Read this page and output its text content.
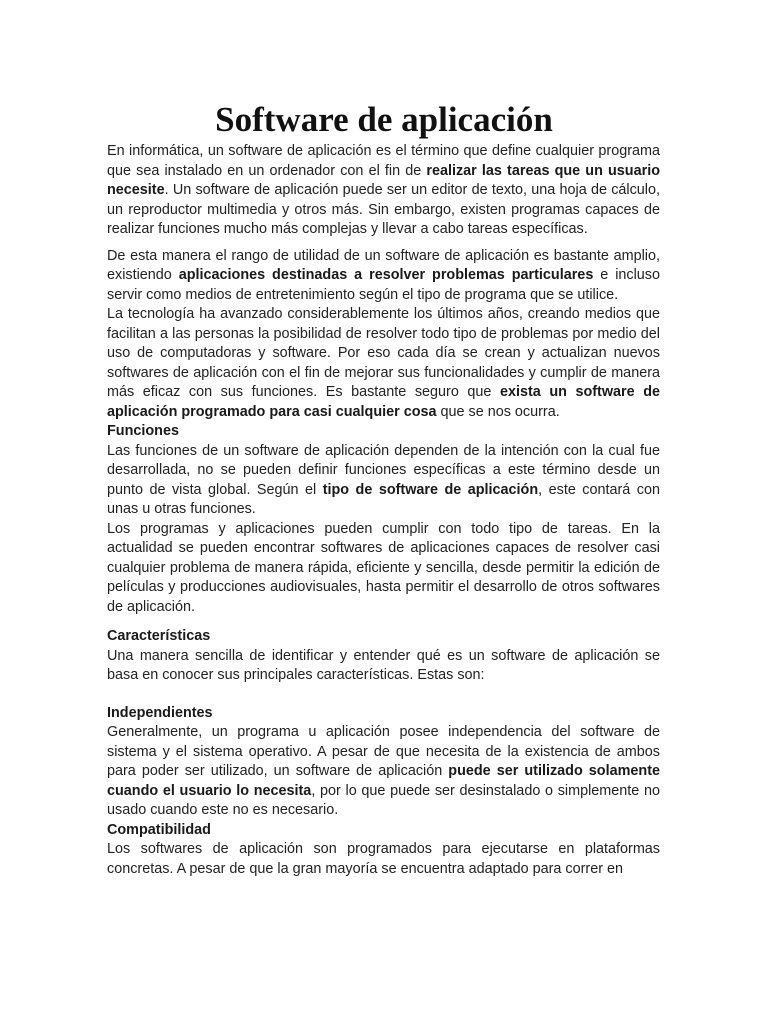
Software de aplicación

En informática, un software de aplicación es el término que define cualquier programa que sea instalado en un ordenador con el fin de realizar las tareas que un usuario necesite. Un software de aplicación puede ser un editor de texto, una hoja de cálculo, un reproductor multimedia y otros más. Sin embargo, existen programas capaces de realizar funciones mucho más complejas y llevar a cabo tareas específicas.

De esta manera el rango de utilidad de un software de aplicación es bastante amplio, existiendo aplicaciones destinadas a resolver problemas particulares e incluso servir como medios de entretenimiento según el tipo de programa que se utilice.

La tecnología ha avanzado considerablemente los últimos años, creando medios que facilitan a las personas la posibilidad de resolver todo tipo de problemas por medio del uso de computadoras y software. Por eso cada día se crean y actualizan nuevos softwares de aplicación con el fin de mejorar sus funcionalidades y cumplir de manera más eficaz con sus funciones. Es bastante seguro que exista un software de aplicación programado para casi cualquier cosa que se nos ocurra.

Funciones

Las funciones de un software de aplicación dependen de la intención con la cual fue desarrollada, no se pueden definir funciones específicas a este término desde un punto de vista global. Según el tipo de software de aplicación, este contará con unas u otras funciones.

Los programas y aplicaciones pueden cumplir con todo tipo de tareas. En la actualidad se pueden encontrar softwares de aplicaciones capaces de resolver casi cualquier problema de manera rápida, eficiente y sencilla, desde permitir la edición de películas y producciones audiovisuales, hasta permitir el desarrollo de otros softwares de aplicación.

Características

Una manera sencilla de identificar y entender qué es un software de aplicación se basa en conocer sus principales características. Estas son:

Independientes

Generalmente, un programa u aplicación posee independencia del software de sistema y el sistema operativo. A pesar de que necesita de la existencia de ambos para poder ser utilizado, un software de aplicación puede ser utilizado solamente cuando el usuario lo necesita, por lo que puede ser desinstalado o simplemente no usado cuando este no es necesario.

Compatibilidad

Los softwares de aplicación son programados para ejecutarse en plataformas concretas. A pesar de que la gran mayoría se encuentra adaptado para correr en
